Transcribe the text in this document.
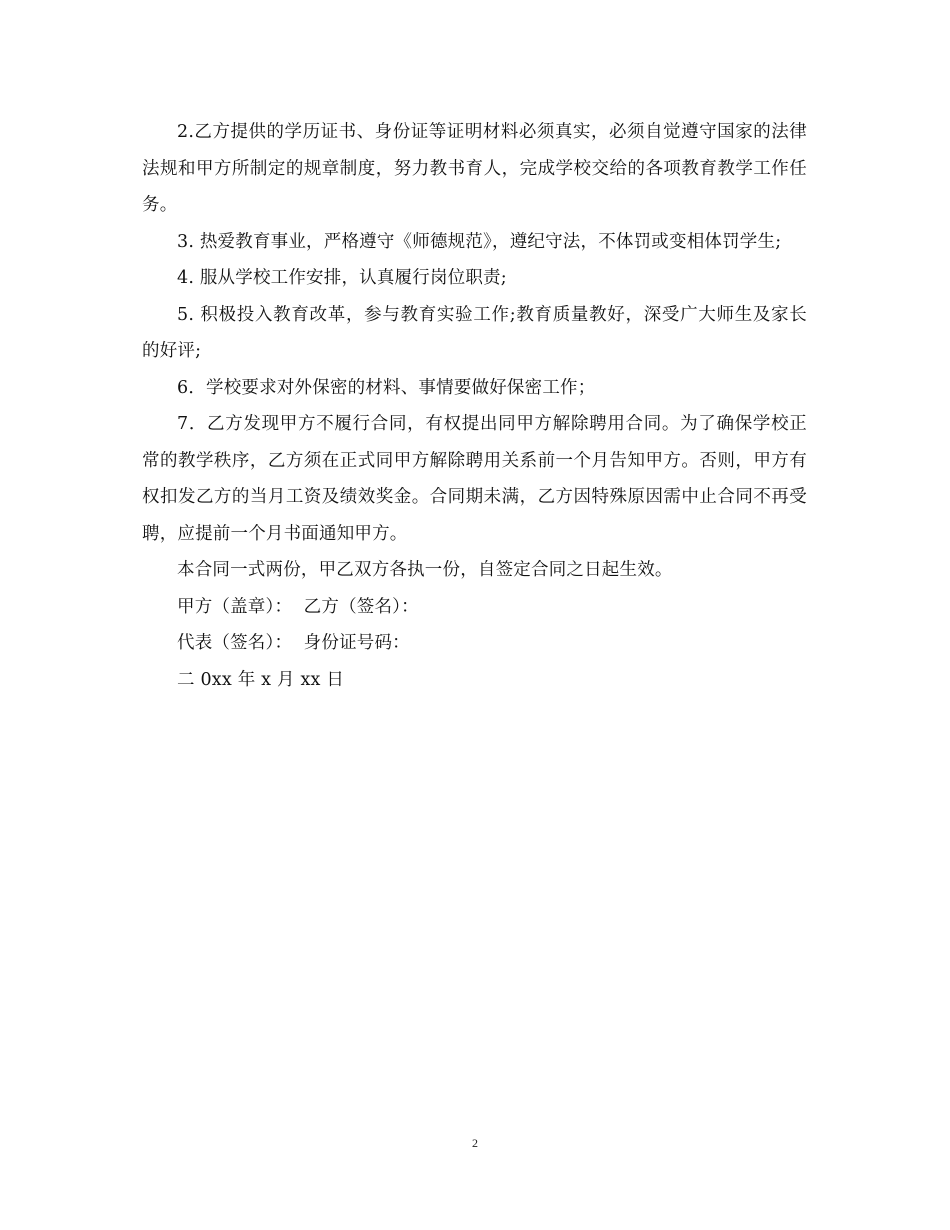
2.乙方提供的学历证书、身份证等证明材料必须真实，必须自觉遵守国家的法律法规和甲方所制定的规章制度，努力教书育人，完成学校交给的各项教育教学工作任务。

3. 热爱教育事业，严格遵守《师德规范》，遵纪守法，不体罚或变相体罚学生;

4. 服从学校工作安排，认真履行岗位职责;

5. 积极投入教育改革，参与教育实验工作;教育质量教好，深受广大师生及家长的好评;

6．学校要求对外保密的材料、事情要做好保密工作；

7．乙方发现甲方不履行合同，有权提出同甲方解除聘用合同。为了确保学校正常的教学秩序，乙方须在正式同甲方解除聘用关系前一个月告知甲方。否则，甲方有权扣发乙方的当月工资及绩效奖金。合同期未满，乙方因特殊原因需中止合同不再受聘，应提前一个月书面通知甲方。

本合同一式两份，甲乙双方各执一份，自签定合同之日起生效。

甲方（盖章）：  乙方（签名）：

代表（签名）：  身份证号码：

二 0xx 年 x 月 xx 日

2
